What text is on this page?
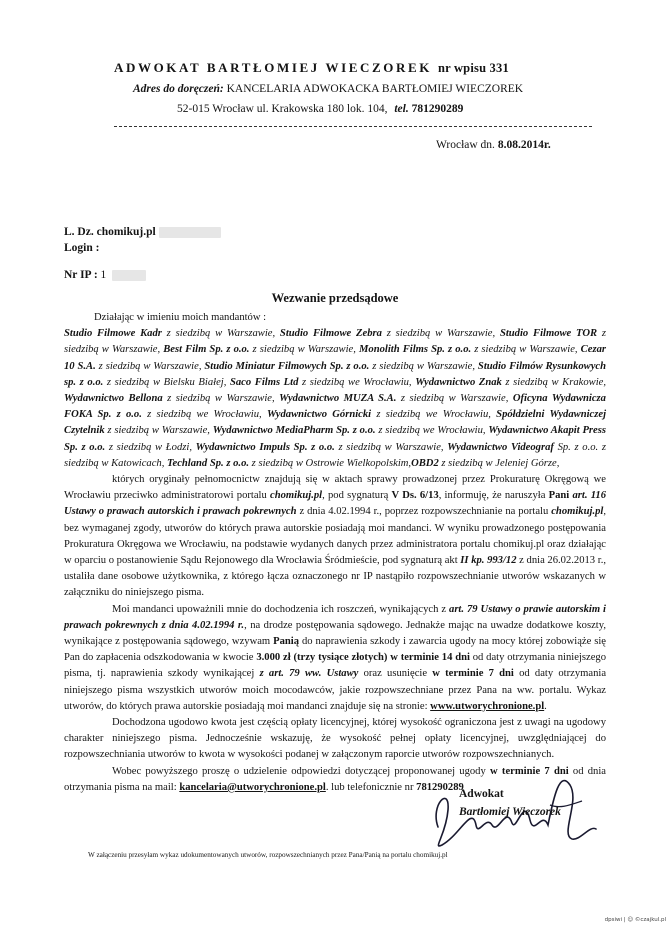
ADWOKAT BARTŁOMIEJ WIECZOREK nr wpisu 331
Adres do doręczeń: KANCELARIA ADWOKACKA BARTŁOMIEJ WIECZOREK
52-015 Wrocław ul. Krakowska 180 lok. 104, tel. 781290289
Wrocław dn. 8.08.2014r.
L. Dz. chomikuj.pl
Login :
Nr IP : 1
Wezwanie przedsądowe

Działając w imieniu moich mandantów :

Studio Filmowe Kadr z siedzibą w Warszawie, Studio Filmowe Zebra z siedzibą w Warszawie, Studio Filmowe TOR z siedzibą w Warszawie, Best Film Sp. z o.o. z siedzibą w Warszawie, Monolith Films Sp. z o.o. z siedzibą w Warszawie, Cezar 10 S.A. z siedzibą w Warszawie, Studio Miniatur Filmowych Sp. z o.o. z siedzibą w Warszawie, Studio Filmów Rysunkowych sp. z o.o. z siedzibą w Bielsku Białej, Saco Films Ltd z siedzibą we Wrocławiu, Wydawnictwo Znak z siedzibą w Krakowie, Wydawnictwo Bellona z siedzibą w Warszawie, Wydawnictwo MUZA S.A. z siedzibą w Warszawie, Oficyna Wydawnicza FOKA Sp. z o.o. z siedzibą we Wrocławiu, Wydawnictwo Górnicki z siedzibą we Wrocławiu, Spółdzielni Wydawniczej Czytelnik z siedzibą w Warszawie, Wydawnictwo MediaPharm Sp. z o.o. z siedzibą we Wrocławiu, Wydawnictwo Akapit Press Sp. z o.o. z siedzibą w Łodzi, Wydawnictwo Impuls Sp. z o.o. z siedzibą w Warszawie, Wydawnictwo Videograf Sp. z o.o. z siedzibą w Katowicach, Techland Sp. z o.o. z siedzibą w Ostrowie Wielkopolskim,OBD2 z siedzibą w Jeleniej Górze,

których oryginały pełnomocnictw znajdują się w aktach sprawy prowadzonej przez Prokuraturę Okręgową we Wrocławiu przeciwko administratorowi portalu chomikuj.pl, pod sygnaturą V Ds. 6/13, informuję, że naruszyła Pani art. 116 Ustawy o prawach autorskich i prawach pokrewnych z dnia 4.02.1994 r., poprzez rozpowszechnianie na portalu chomikuj.pl, bez wymaganej zgody, utworów do których prawa autorskie posiadają moi mandanci. W wyniku prowadzonego postępowania Prokuratura Okręgowa we Wrocławiu, na podstawie wydanych danych przez administratora portalu chomikuj.pl oraz działając w oparciu o postanowienie Sądu Rejonowego dla Wrocławia Śródmieście, pod sygnaturą akt II kp. 993/12 z dnia 26.02.2013 r., ustaliła dane osobowe użytkownika, z którego łącza oznaczonego nr IP nastąpiło rozpowszechnianie utworów wskazanych w załączniku do niniejszego pisma.

Moi mandanci upoważnili mnie do dochodzenia ich roszczeń, wynikających z art. 79 Ustawy o prawie autorskim i prawach pokrewnych z dnia 4.02.1994 r., na drodze postępowania sądowego. Jednakże mając na uwadze dodatkowe koszty, wynikające z postępowania sądowego, wzywam Panią do naprawienia szkody i zawarcia ugody na mocy której zobowiąże się Pan do zapłacenia odszkodowania w kwocie 3.000 zł (trzy tysiące złotych) w terminie 14 dni od daty otrzymania niniejszego pisma, tj. naprawienia szkody wynikającej z art. 79 ww. Ustawy oraz usunięcie w terminie 7 dni od daty otrzymania niniejszego pisma wszystkich utworów moich mocodawców, jakie rozpowszechniane przez Pana na ww. portalu. Wykaz utworów, do których prawa autorskie posiadają moi mandanci znajduje się na stronie: www.utworychronione.pl.

Dochodzona ugodowo kwota jest częścią opłaty licencyjnej, której wysokość ograniczona jest z uwagi na ugodowy charakter niniejszego pisma. Jednocześnie wskazuję, że wysokość pełnej opłaty licencyjnej, uwzględniającej do rozpowszechniania utworów to kwota w wysokości podanej w załączonym raporcie utworów rozpowszechnianych.

Wobec powyższego proszę o udzielenie odpowiedzi dotyczącej proponowanej ugody w terminie 7 dni od dnia otrzymania pisma na mail: kancelaria@utworychronione.pl. lub telefonicznie nr 781290289

Adwokat
Bartłomiej Wieczorek
W załączeniu przesyłam wykaz udokumentowanych utworów, rozpowszechnianych przez Pana/Panią na portalu chomikuj.pl
dpsiwi | ☺ ©czajkul.pl
